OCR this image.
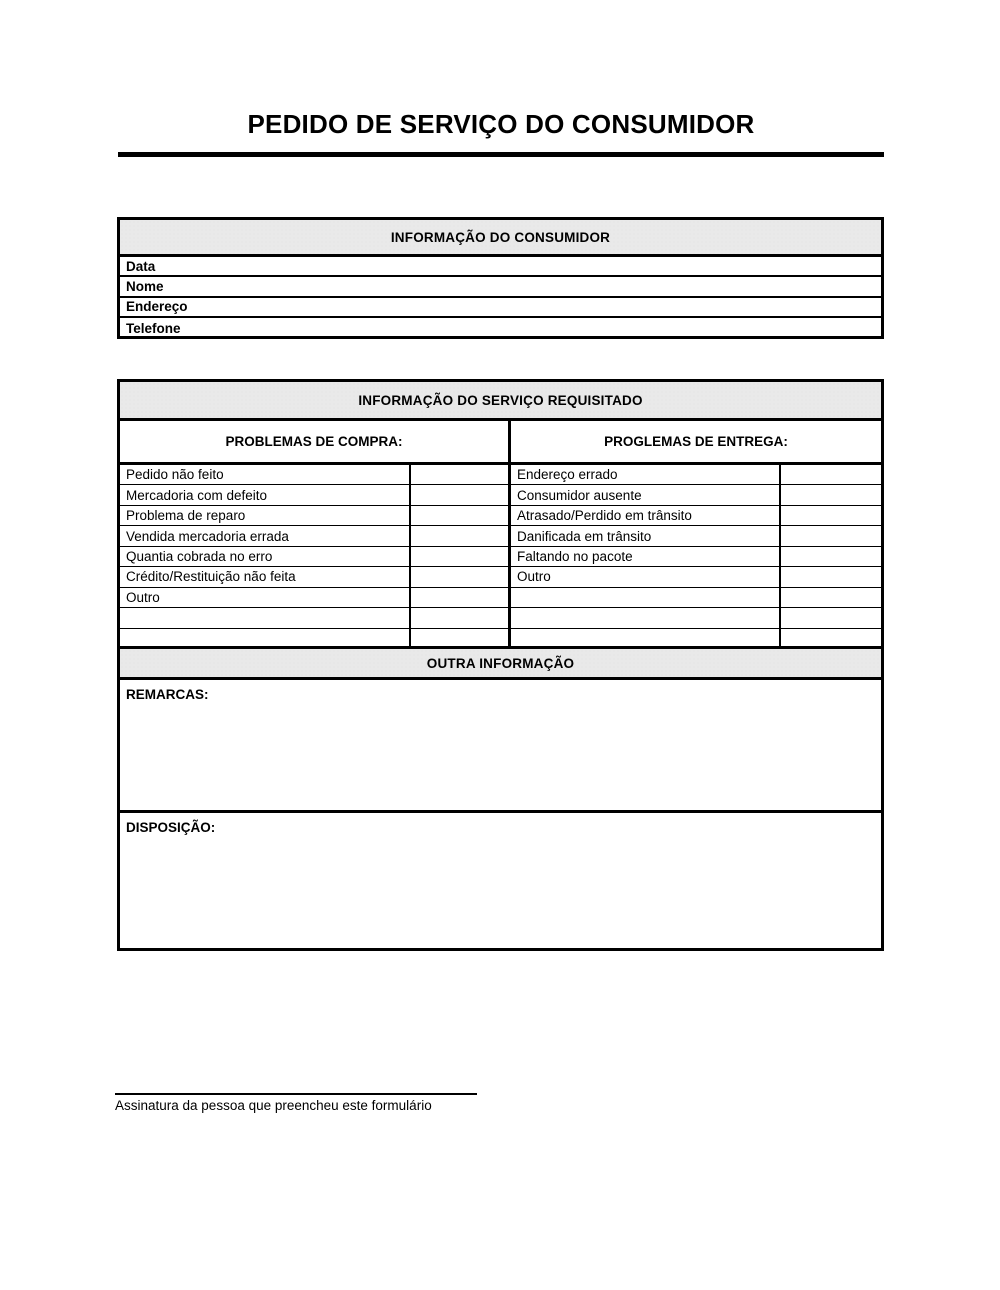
PEDIDO DE SERVIÇO DO CONSUMIDOR
INFORMAÇÃO DO CONSUMIDOR
Data
Nome
Endereço
Telefone
INFORMAÇÃO DO SERVIÇO REQUISITADO
PROBLEMAS DE COMPRA:	PROGLEMAS DE ENTREGA:
Pedido não feito	Endereço errado
Mercadoria com defeito	Consumidor ausente
Problema de reparo	Atrasado/Perdido em trânsito
Vendida mercadoria errada	Danificada em trânsito
Quantia cobrada no erro	Faltando no pacote
Crédito/Restituição não feita	Outro
Outro
OUTRA INFORMAÇÃO
REMARCAS:
DISPOSIÇÃO:
Assinatura da pessoa que preencheu este formulário
